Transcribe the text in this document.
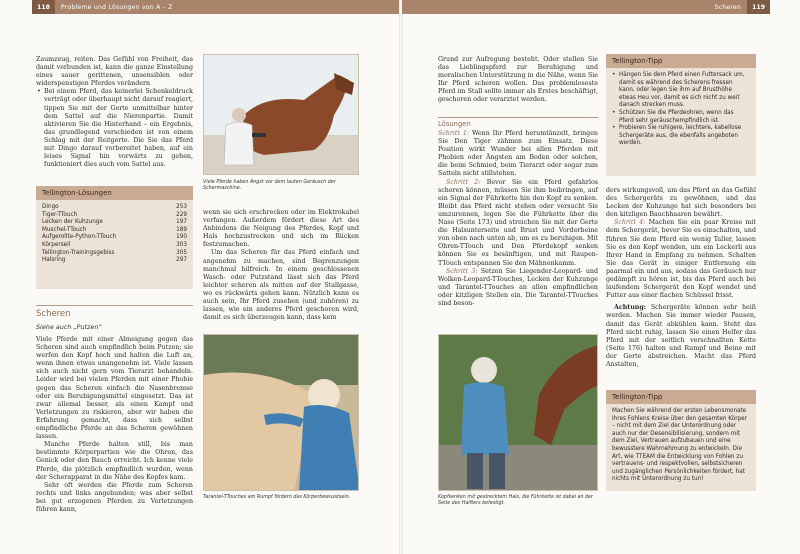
118	Probleme und Lösungen von A – Z

Zaumzeug, reiten. Das Gefühl von Freiheit, das damit verbunden ist, kann die ganze Einstellung eines sauer gerittenen, unsensiblen oder widerspenstigen Pferdes verändern

• Bei einem Pferd, das keinerlei Schenkeldruck verträgt oder überhaupt nicht darauf reagiert, tippen Sie mit der Gerte unmittelbar hinter dem Sattel auf die Nierenpartie. Damit aktivieren Sie die Hinterhand – ein Ergebnis, das grundlegend verschieden ist von einem Schlag mit der Reitgerte. Die Sie das Pferd mit Dingo darauf vorbereitet haben, auf ein leises Signal hin vorwärts zu gehen, funktioniert dies auch vom Sattel aus.
Viele Pferde haben Angst vor dem lauten Geräusch der Schermaschine.
Tellington-Lösungen
Dingo	253
Tiger-TTouch	229
Lecken der Kuhzunge	197
Muschel-TTouch	189
Aufgerollte-Python-TTouch	190
Körperseil	303
Tellington-Trainingsgebiss	305
Halsring	297

wenn sie sich erschrecken oder im Elektrokabel verfangen. Außerdem fördert diese Art des Anbindens die Neigung des Pferdes, Kopf und Hals hochzustrecken und sich im Rücken festzumachen.

Um das Scheren für das Pferd einfach und angenehm zu machen, sind Begrenzungen manchmal hilfreich. In einem geschlossenen Wasch- oder Putzstand lässt sich das Pferd leichter scheren als mitten auf der Stallgasse, wo es rückwärts gehen kann. Nützlich kann es auch sein, Ihr Pferd zusehen (und zuhören) zu lassen, wie ein anderes Pferd geschoren wird, damit es sich überzeugen kann, dass kein

Scheren
Siehe auch „Putzen“

Viele Pferde mit einer Abneigung gegen das Scheren sind auch empfindlich beim Putzen; sie werfen den Kopf hoch und halten die Luft an, wenn ihnen etwas unangenehm ist. Viele lassen sich auch nicht gern vom Tierarzt behandeln. Leider wird bei vielen Pferden mit einer Phobie gegen das Scheren einfach die Nasenbremse oder ein Beruhigungsmittel eingesetzt. Das ist zwar allemal besser, als einen Kampf und Verletzungen zu riskieren, aber wir haben die Erfahrung gemacht, dass sich selbst empfindliche Pferde an das Scheren gewöhnen lassen.

Manche Pferde halten still, bis man bestimmte Körperpartien wie die Ohren, das Genick oder den Bauch erreicht. Ich kenne viele Pferde, die plötzlich empfindlich wurden, wenn der Scherapparat in die Nähe des Kopfes kam.

Sehr oft werden die Pferde zum Scheren rechts und links angebunden; was aber selbst bei gut erzogenen Pferden zu Verletzungen führen kann,

Tarantel-TTouches am Rumpf fördern das Körperbewusstsein.
Scheren	119

Grund zur Aufregung besteht. Oder stellen Sie das Lieblingspferd zur Beruhigung und moralischen Unterstützung in die Nähe, wenn Sie Ihr Pferd scheren wollen. Das problemloseste Pferd im Stall sollte immer als Erstes beschäftigt, geschoren oder verarztet werden.

Lösungen

Schritt 1: Wenn Ihr Pferd herumtänzelt, bringen Sie Den Tiger zähmen zum Einsatz. Diese Position wirkt Wunder bei allen Pferden mit Phobien oder Ängsten am Boden oder solchen, die beim Schmied, beim Tierarzt oder sogar zum Satteln nicht stillstehen.

Schritt 2: Bevor Sie ein Pferd gefahrlos scheren können, müssen Sie ihm beibringen, auf ein Signal der Führkette hin den Kopf zu senken. Bleibt das Pferd nicht stehen oder versucht Sie umzurennen, legen Sie die Führkette über die Nase (Seite 173) und streichen Sie mit der Gerte die Halsunterseite und Brust und Vorderbeine von oben nach unten ab, um es zu beruhigen. Mit Ohren-TTouch und Den Pferdekopf senken können Sie es besänftigen, und mit Raupen-TTouch entspannen Sie den Mähnenkamm.

Schritt 3: Setzen Sie Liegender-Leopard- und Wolken-Leopard-TTouches, Lecken der Kuhzunge und Tarantel-TTouches an allen empfindlichen oder kitzligen Stellen ein. Die Tarantel-TTouches sind beson-

Kopfsenken mit gestrecktem Hals, die Führkette ist dabei an der Seite des Halfters befestigt.
Tellington-Tipp
• Hängen Sie dem Pferd einen Futtersack um, damit es während des Scherens fressen kann, oder legen Sie ihm auf Brusthöhe etwas Heu vor, damit es sich nicht zu weit danach strecken muss.
• Schützen Sie die Pferdeohren, wenn das Pferd sehr geräuschempfindlich ist.
• Probieren Sie ruhigere, leichtere, kabellose Schergeräte aus, die ebenfalls angeboten werden.

ders wirkungsvoll, um das Pferd an das Gefühl des Schergeräts zu gewöhnen, und das Lecken der Kuhzunge hat sich besonders bei den kitzligen Bauchhaaren bewährt.

Schritt 4: Machen Sie ein paar Kreise mit dem Schergerät, bevor Sie es einschalten, und führen Sie dem Pferd ein wenig Taller, lassen Sie es den Kopf wenden, um ein Leckerli aus Ihrer Hand in Empfang zu nehmen. Schalten Sie das Gerät in einiger Entfernung ein paarmal ein und aus, sodass das Geräusch nur gedämpft zu hören ist, bis das Pferd auch bei laufendem Schergerät den Kopf wendet und Futter aus einer flachen Schüssel frisst.

Achtung: Schergeräte können sehr heiß werden. Machen Sie immer wieder Pausen, damit das Gerät abkühlen kann. Steht das Pferd nicht ruhig, lassen Sie einen Helfer das Pferd mit der seitlich verschnallten Kette (Seite 176) halten und Rumpf und Beine mit der Gerte abstreichen. Macht das Pferd Anstalten,

Tellington-Tipp
Machen Sie während der ersten Lebensmonate Ihres Fohlens Kreise über den gesamten Körper – nicht mit dem Ziel der Unterordnung oder auch nur der Desensibilisierung, sondern mit dem Ziel, Vertrauen aufzubauen und eine bewusstere Wahrnehmung zu entwickeln. Die Art, wie TTEAM die Entwicklung von Fohlen zu vertrauens- und respektvollen, selbstsicheren und zugänglichen Persönlichkeiten fördert, hat nichts mit Unterordnung zu tun!
